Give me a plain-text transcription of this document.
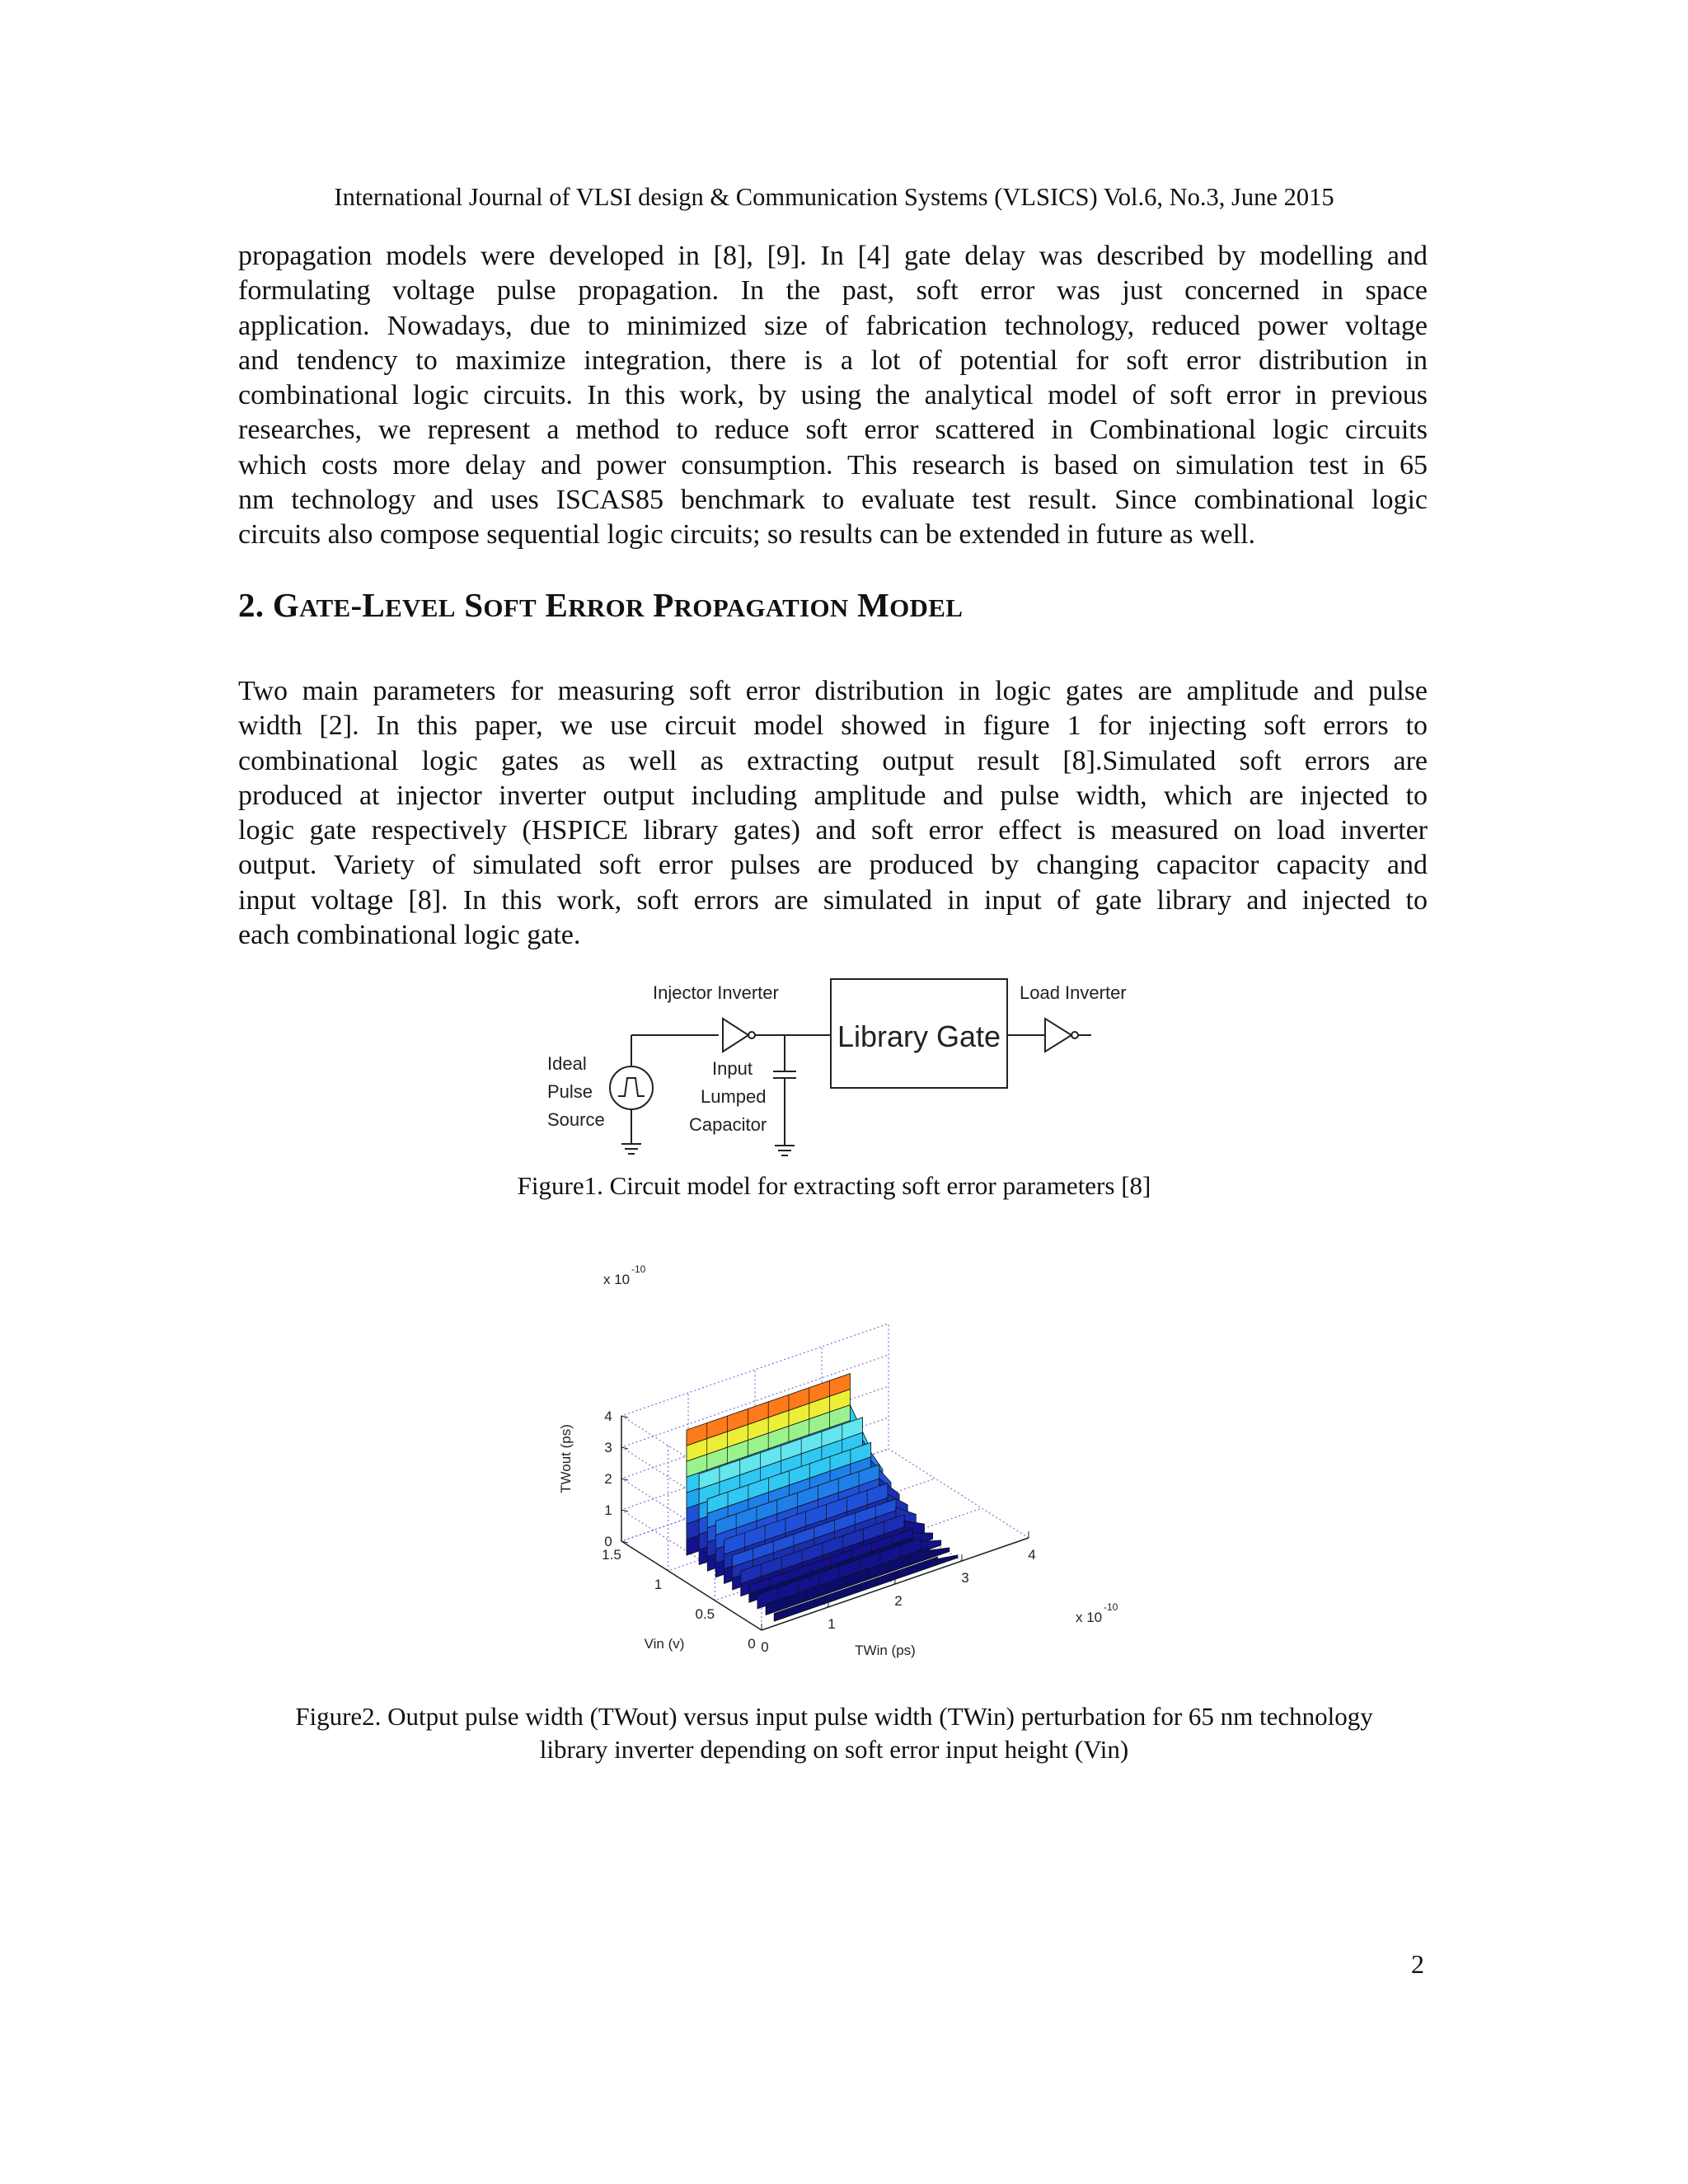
International Journal of VLSI design & Communication Systems (VLSICS) Vol.6, No.3, June 2015

propagation models were developed in [8], [9]. In [4] gate delay was described by modelling and
formulating voltage pulse propagation. In the past, soft error was just concerned in space
application. Nowadays, due to minimized size of fabrication technology, reduced power voltage
and tendency to maximize integration, there is a lot of potential for soft error distribution in
combinational logic circuits. In this work, by using the analytical model of soft error in previous
researches, we represent a method to reduce soft error scattered in Combinational logic circuits
which costs more delay and power consumption. This research is based on simulation test in 65
nm technology and uses ISCAS85 benchmark to evaluate test result. Since combinational logic
circuits also compose sequential logic circuits; so results can be extended in future as well.

2. GATE-LEVEL SOFT ERROR PROPAGATION MODEL

Two main parameters for measuring soft error distribution in logic gates are amplitude and pulse
width [2]. In this paper, we use circuit model showed in figure 1 for injecting soft errors to
combinational logic gates as well as extracting output result [8].Simulated soft errors are
produced at injector inverter output including amplitude and pulse width, which are injected to
logic gate respectively (HSPICE library gates) and soft error effect is measured on load inverter
output. Variety of simulated soft error pulses are produced by changing capacitor capacity and
input voltage [8]. In this work, soft errors are simulated in input of gate library and injected to
each combinational logic gate.

Injector Inverter	Load Inverter
Ideal
Pulse
Source
Input
Lumped
Capacitor
Library Gate
Figure1. Circuit model for extracting soft error parameters [8]
0
1
2
3
4
1.5
1
0.5
0 0
1
2
3
4
TWout (ps)
Vin (v)	TWin (ps)
x 10
-10
x 10
-10
Figure2. Output pulse width (TWout) versus input pulse width (TWin) perturbation for 65 nm technology
library inverter depending on soft error input height (Vin)
2
